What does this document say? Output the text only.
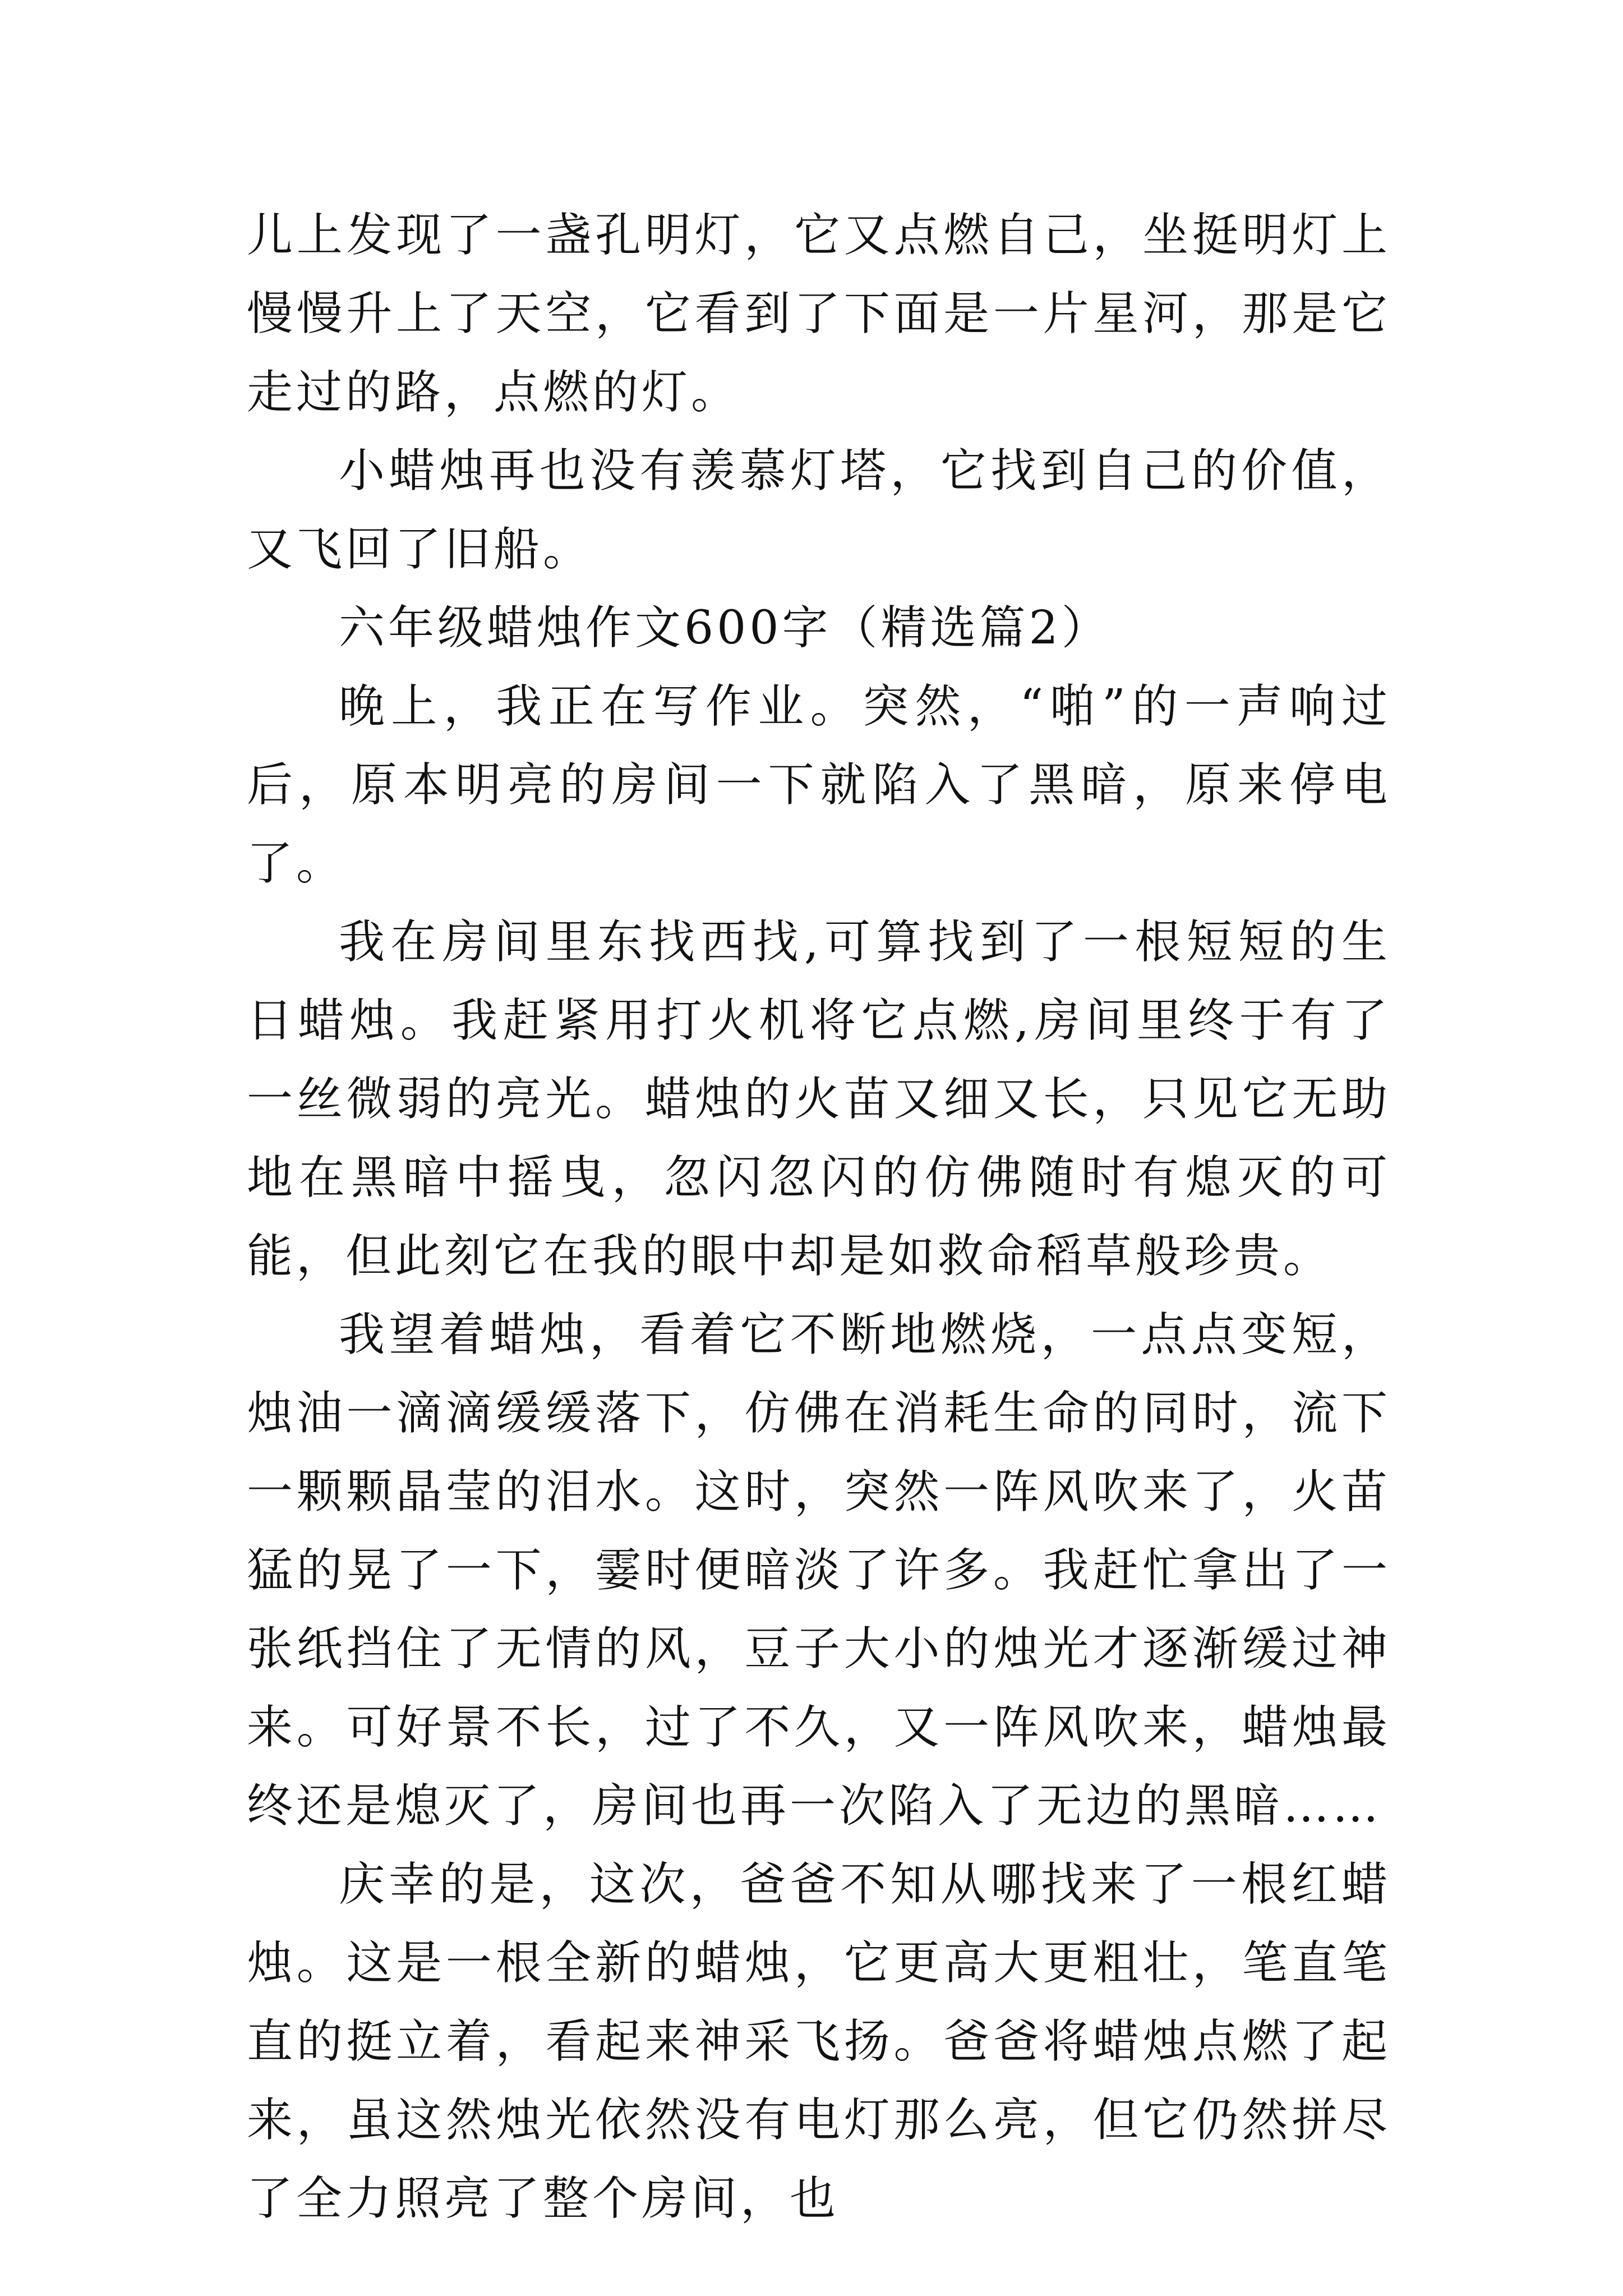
儿上发现了一盏孔明灯，它又点燃自己，坐挺明灯上慢慢升上了天空，它看到了下面是一片星河，那是它走过的路，点燃的灯。

小蜡烛再也没有羡慕灯塔，它找到自己的价值，又飞回了旧船。

六年级蜡烛作文600字（精选篇2）

晚上，我正在写作业。突然，“啪”的一声响过后，原本明亮的房间一下就陷入了黑暗，原来停电了。

我在房间里东找西找,可算找到了一根短短的生日蜡烛。我赶紧用打火机将它点燃,房间里终于有了一丝微弱的亮光。蜡烛的火苗又细又长，只见它无助地在黑暗中摇曳，忽闪忽闪的仿佛随时有熄灭的可能，但此刻它在我的眼中却是如救命稻草般珍贵。

我望着蜡烛，看着它不断地燃烧，一点点变短，烛油一滴滴缓缓落下，仿佛在消耗生命的同时，流下一颗颗晶莹的泪水。这时，突然一阵风吹来了，火苗猛的晃了一下，霎时便暗淡了许多。我赶忙拿出了一张纸挡住了无情的风，豆子大小的烛光才逐渐缓过神来。可好景不长，过了不久，又一阵风吹来，蜡烛最终还是熄灭了，房间也再一次陷入了无边的黑暗……

庆幸的是，这次，爸爸不知从哪找来了一根红蜡烛。这是一根全新的蜡烛，它更高大更粗壮，笔直笔直的挺立着，看起来神采飞扬。爸爸将蜡烛点燃了起来，虽这然烛光依然没有电灯那么亮，但它仍然拼尽了全力照亮了整个房间，也
